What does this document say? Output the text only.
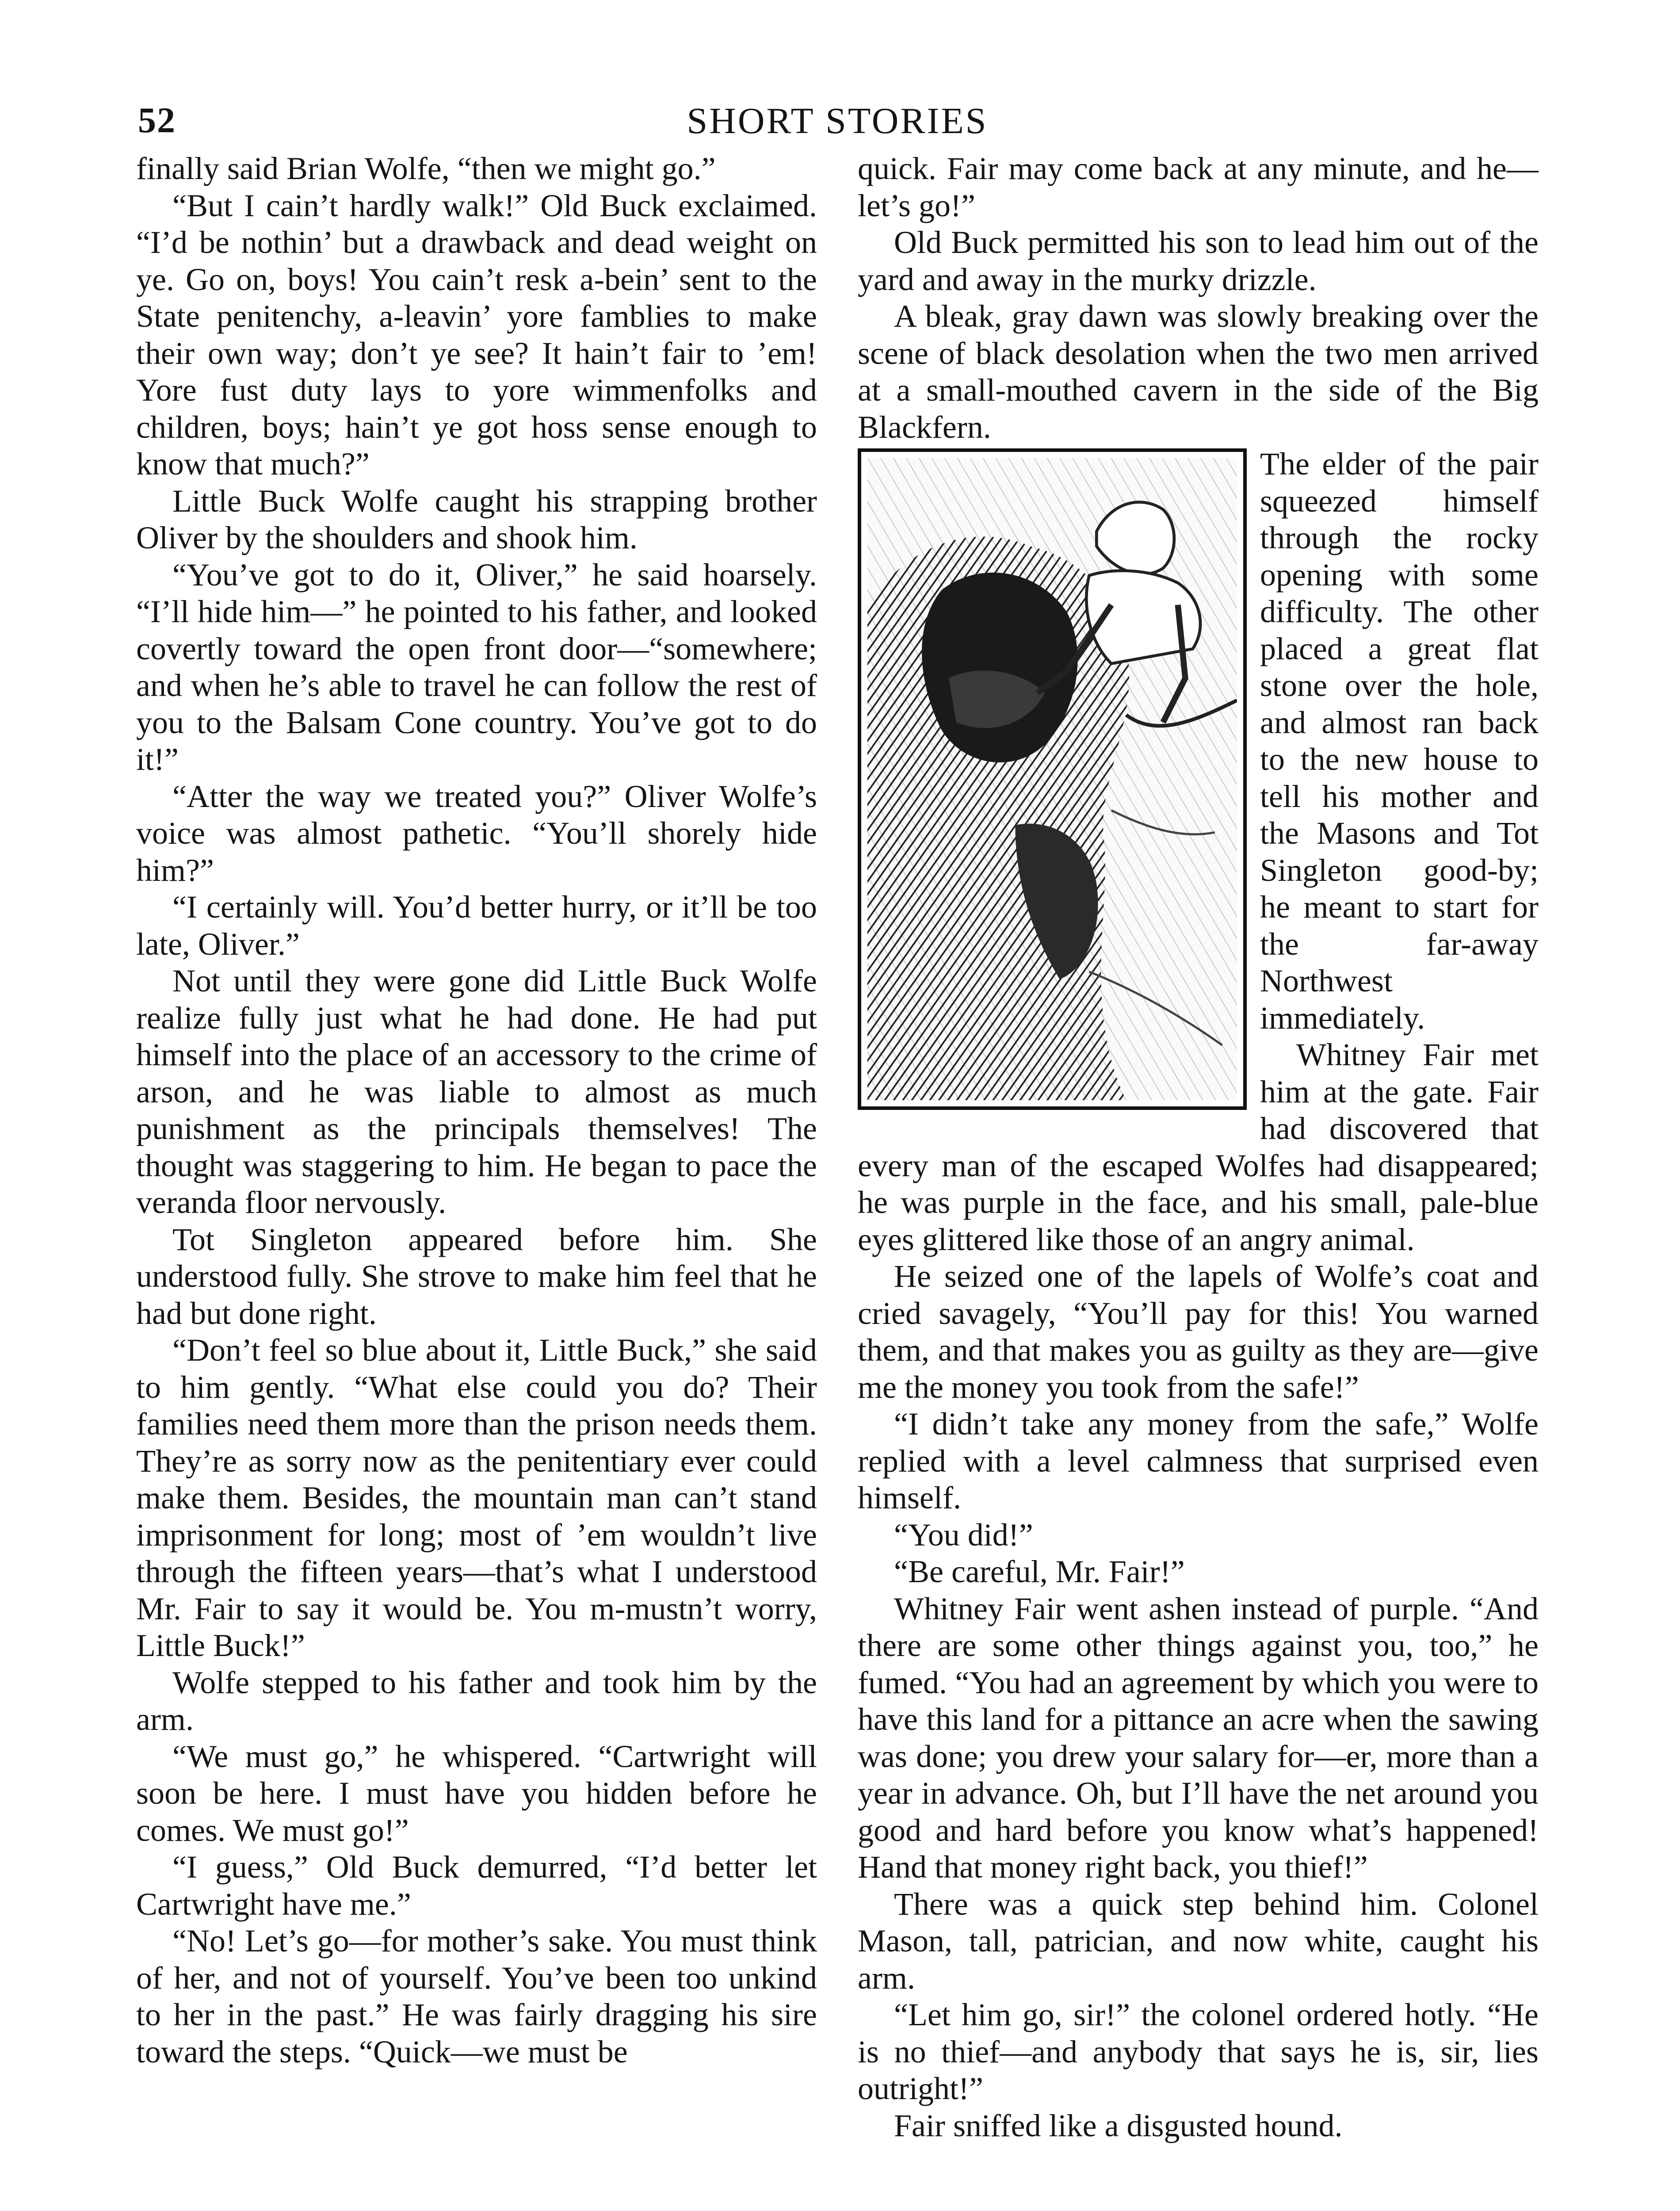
52	SHORT STORIES

finally said Brian Wolfe, “then we might go.”

“But I cain’t hardly walk!” Old Buck exclaimed. “I’d be nothin’ but a drawback and dead weight on ye. Go on, boys! You cain’t resk a-bein’ sent to the State penitenchy, a-leavin’ yore famblies to make their own way; don’t ye see? It hain’t fair to ’em! Yore fust duty lays to yore wimmenfolks and children, boys; hain’t ye got hoss sense enough to know that much?”

Little Buck Wolfe caught his strapping brother Oliver by the shoulders and shook him.

“You’ve got to do it, Oliver,” he said hoarsely. “I’ll hide him—” he pointed to his father, and looked covertly toward the open front door—“somewhere; and when he’s able to travel he can follow the rest of you to the Balsam Cone country. You’ve got to do it!”

“Atter the way we treated you?” Oliver Wolfe’s voice was almost pathetic. “You’ll shorely hide him?”

“I certainly will. You’d better hurry, or it’ll be too late, Oliver.”

Not until they were gone did Little Buck Wolfe realize fully just what he had done. He had put himself into the place of an accessory to the crime of arson, and he was liable to almost as much punishment as the principals themselves! The thought was staggering to him. He began to pace the veranda floor nervously.

Tot Singleton appeared before him. She understood fully. She strove to make him feel that he had but done right.

“Don’t feel so blue about it, Little Buck,” she said to him gently. “What else could you do? Their families need them more than the prison needs them. They’re as sorry now as the penitentiary ever could make them. Besides, the mountain man can’t stand imprisonment for long; most of ’em wouldn’t live through the fifteen years—that’s what I understood Mr. Fair to say it would be. You m-mustn’t worry, Little Buck!”

Wolfe stepped to his father and took him by the arm.

“We must go,” he whispered. “Cartwright will soon be here. I must have you hidden before he comes. We must go!”

“I guess,” Old Buck demurred, “I’d better let Cartwright have me.”

“No! Let’s go—for mother’s sake. You must think of her, and not of yourself. You’ve been too unkind to her in the past.” He was fairly dragging his sire toward the steps. “Quick—we must be

quick. Fair may come back at any minute, and he—let’s go!”

Old Buck permitted his son to lead him out of the yard and away in the murky drizzle.

A bleak, gray dawn was slowly breaking over the scene of black desolation when the two men arrived at a small-mouthed cavern in the side of the Big Blackfern.

The elder of the pair squeezed himself through the rocky opening with some difficulty. The other placed a great flat stone over the hole, and almost ran back to the new house to tell his mother and the Masons and Tot Singleton good-by; he meant to start for the far-away Northwest immediately.

Whitney Fair met him at the gate. Fair had discovered that every man of the escaped Wolfes had disappeared; he was purple in the face, and his small, pale-blue eyes glittered like those of an angry animal.

He seized one of the lapels of Wolfe’s coat and cried savagely, “You’ll pay for this! You warned them, and that makes you as guilty as they are—give me the money you took from the safe!”

“I didn’t take any money from the safe,” Wolfe replied with a level calmness that surprised even himself.

“You did!”

“Be careful, Mr. Fair!”

Whitney Fair went ashen instead of purple. “And there are some other things against you, too,” he fumed. “You had an agreement by which you were to have this land for a pittance an acre when the sawing was done; you drew your salary for—er, more than a year in advance. Oh, but I’ll have the net around you good and hard before you know what’s happened! Hand that money right back, you thief!”

There was a quick step behind him. Colonel Mason, tall, patrician, and now white, caught his arm.

“Let him go, sir!” the colonel ordered hotly. “He is no thief—and anybody that says he is, sir, lies outright!”

Fair sniffed like a disgusted hound.
